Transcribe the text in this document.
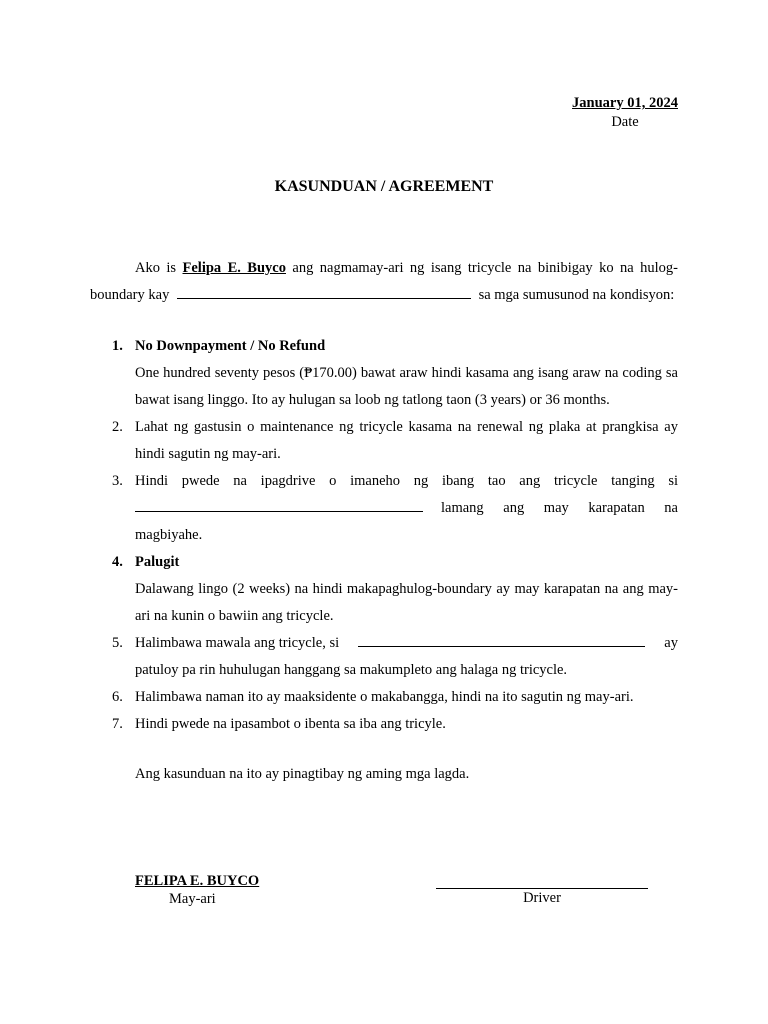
January 01, 2024
Date
KASUNDUAN / AGREEMENT
Ako is Felipa E. Buyco ang nagmamay-ari ng isang tricycle na binibigay ko na hulog-boundary kay	sa mga sumusunod na kondisyon:
1. No Downpayment / No Refund
One hundred seventy pesos (₱170.00) bawat araw hindi kasama ang isang araw na coding sa bawat isang linggo. Ito ay hulugan sa loob ng tatlong taon (3 years) or 36 months.
2. Lahat ng gastusin o maintenance ng tricycle kasama na renewal ng plaka at prangkisa ay hindi sagutin ng may-ari.
3. Hindi pwede na ipagdrive o imaneho ng ibang tao ang tricycle tanging si
lamang ang may karapatan na
magbiyahe.
4. Palugit
Dalawang lingo (2 weeks) na hindi makapaghulog-boundary ay may karapatan na ang may-ari na kunin o bawiin ang tricycle.
5. Halimbawa mawala ang tricycle, si	ay
patuloy pa rin huhulugan hanggang sa makumpleto ang halaga ng tricycle.
6. Halimbawa naman ito ay maaksidente o makabangga, hindi na ito sagutin ng may-ari.
7. Hindi pwede na ipasambot o ibenta sa iba ang tricyle.
Ang kasunduan na ito ay pinagtibay ng aming mga lagda.
FELIPA E. BUYCO
May-ari	Driver
